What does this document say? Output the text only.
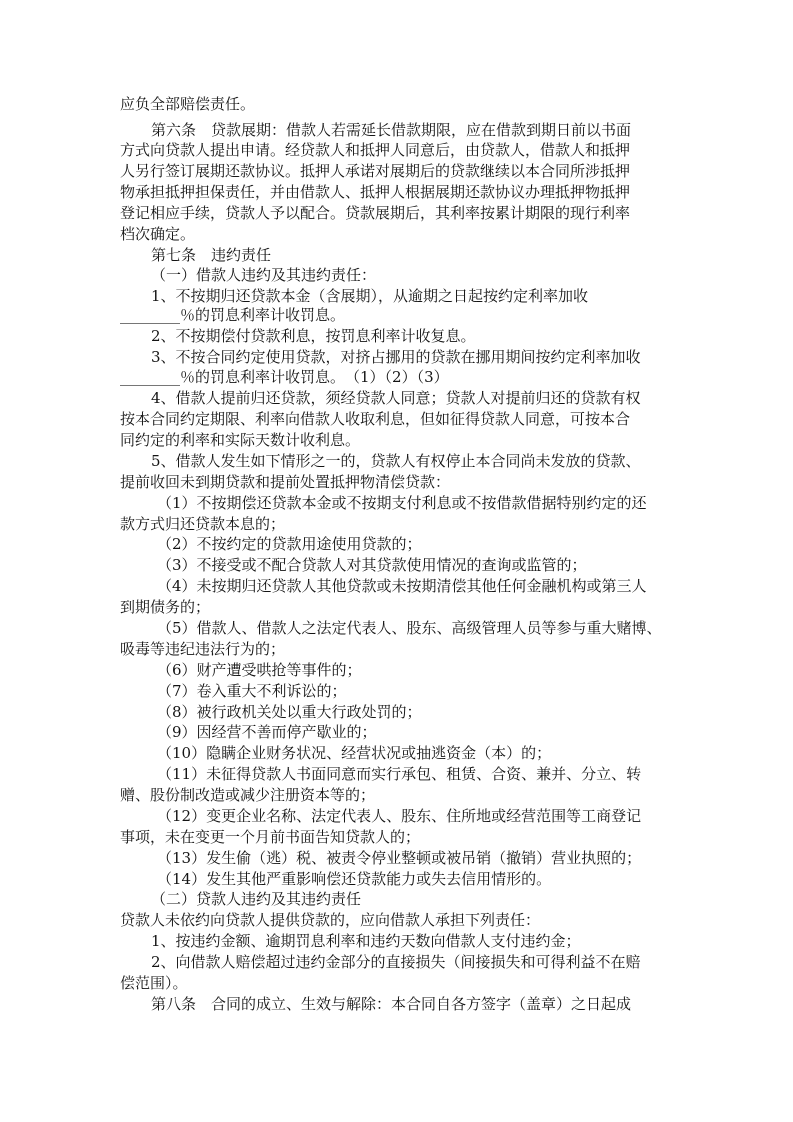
应负全部赔偿责任。
第六条　贷款展期：借款人若需延长借款期限，应在借款到期日前以书面
方式向贷款人提出申请。经贷款人和抵押人同意后，由贷款人，借款人和抵押
人另行签订展期还款协议。抵押人承诺对展期后的贷款继续以本合同所涉抵押
物承担抵押担保责任，并由借款人、抵押人根据展期还款协议办理抵押物抵押
登记相应手续，贷款人予以配合。贷款展期后，其利率按累计期限的现行利率
档次确定。
第七条　违约责任
（一）借款人违约及其违约责任：
1、不按期归还贷款本金（含展期），从逾期之日起按约定利率加收
________％的罚息利率计收罚息。
2、不按期偿付贷款利息，按罚息利率计收复息。
3、不按合同约定使用贷款，对挤占挪用的贷款在挪用期间按约定利率加收
________％的罚息利率计收罚息。　（1）（2）（3）
4、借款人提前归还贷款，须经贷款人同意；贷款人对提前归还的贷款有权
按本合同约定期限、利率向借款人收取利息，但如征得贷款人同意，可按本合
同约定的利率和实际天数计收利息。
5、借款人发生如下情形之一的，贷款人有权停止本合同尚未发放的贷款、
提前收回未到期贷款和提前处置抵押物清偿贷款：
（1）不按期偿还贷款本金或不按期支付利息或不按借款借据特别约定的还
款方式归还贷款本息的；
（2）不按约定的贷款用途使用贷款的；
（3）不接受或不配合贷款人对其贷款使用情况的查询或监管的；
（4）未按期归还贷款人其他贷款或未按期清偿其他任何金融机构或第三人
到期债务的；
（5）借款人、借款人之法定代表人、股东、高级管理人员等参与重大赌博、
吸毒等违纪违法行为的；
（6）财产遭受哄抢等事件的；
（7）卷入重大不利诉讼的；
（8）被行政机关处以重大行政处罚的；
（9）因经营不善而停产歇业的；
（10）隐瞒企业财务状况、经营状况或抽逃资金（本）的；
（11）未征得贷款人书面同意而实行承包、租赁、合资、兼并、分立、转
赠、股份制改造或减少注册资本等的；
（12）变更企业名称、法定代表人、股东、住所地或经营范围等工商登记
事项，未在变更一个月前书面告知贷款人的；
（13）发生偷（逃）税、被责令停业整顿或被吊销（撤销）营业执照的；
（14）发生其他严重影响偿还贷款能力或失去信用情形的。
（二）贷款人违约及其违约责任
贷款人未依约向贷款人提供贷款的，应向借款人承担下列责任：
1、按违约金额、逾期罚息利率和违约天数向借款人支付违约金；
2、向借款人赔偿超过违约金部分的直接损失（间接损失和可得利益不在赔
偿范围）。
第八条　合同的成立、生效与解除：本合同自各方签字（盖章）之日起成
